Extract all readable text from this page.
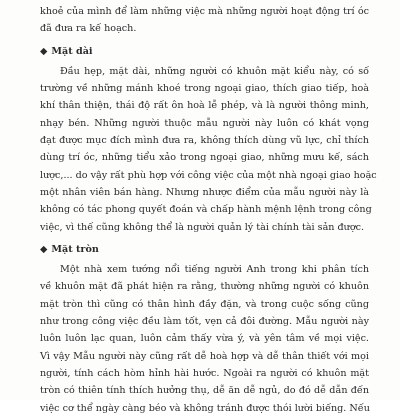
khoẻ của mình để làm những việc mà những người hoạt động trí óc
đã đưa ra kế hoạch.
◆ Mặt dài
Đầu hẹp, mặt dài, những người có khuôn mặt kiểu này, có số
trường về những mánh khoé trong ngoại giao, thích giao tiếp, hoà
khí thân thiện, thái độ rất ôn hoà lễ phép, và là người thông minh,
nhạy bén. Những người thuộc mẫu người này luôn có khát vọng
đạt được mục đích mình đưa ra, không thích dùng vũ lực, chỉ thích
dùng trí óc, những tiểu xảo trong ngoại giao, những mưu kế, sách
lược,... do vậy rất phù hợp với công việc của một nhà ngoại giao hoặc
một nhân viên bán hàng. Nhưng nhược điểm của mẫu người này là
không có tác phong quyết đoán và chấp hành mệnh lệnh trong công
việc, vì thế cũng không thể là người quản lý tài chính tài sản được.
◆ Mặt tròn
Một nhà xem tướng nổi tiếng người Anh trong khi phân tích
về khuôn mặt đã phát hiện ra rằng, thường những người có khuôn
mặt tròn thì cũng có thân hình đầy đặn, và trong cuộc sống cũng
như trong công việc đều làm tốt, vẹn cả đôi đường. Mẫu người này
luôn luôn lạc quan, luôn cảm thấy vừa ý, và yên tâm về mọi việc.
Vì vậy Mẫu người này cũng rất dễ hoà hợp và dễ thân thiết với mọi
người, tính cách hòm hỉnh hài hước. Ngoài ra người có khuôn mặt
tròn có thiên tính thích hưởng thụ, dễ ăn dễ ngủ, do đó dễ dẫn đến
việc cơ thể ngày càng béo và không tránh được thói lười biếng. Nếu
